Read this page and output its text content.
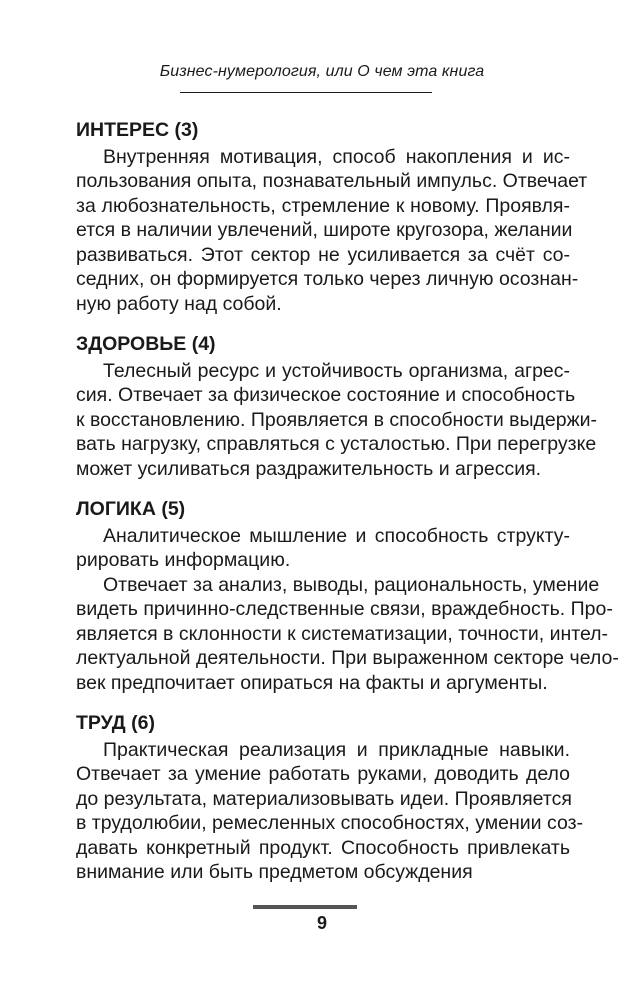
Бизнес-нумерология, или О чем эта книга
ИНТЕРЕС (3)
Внутренняя мотивация, способ накопления и ис-
пользования опыта, познавательный импульс. Отвечает
за любознательность, стремление к новому. Проявля-
ется в наличии увлечений, широте кругозора, желании
развиваться. Этот сектор не усиливается за счёт со-
седних, он формируется только через личную осознан-
ную работу над собой.
ЗДОРОВЬЕ (4)
Телесный ресурс и устойчивость организма, агрес-
сия. Отвечает за физическое состояние и способность
к восстановлению. Проявляется в способности выдержи-
вать нагрузку, справляться с усталостью. При перегрузке
может усиливаться раздражительность и агрессия.
ЛОГИКА (5)
Аналитическое мышление и способность структу-
рировать информацию.
Отвечает за анализ, выводы, рациональность, умение
видеть причинно-следственные связи, враждебность. Про-
является в склонности к систематизации, точности, интел-
лектуальной деятельности. При выраженном секторе чело-
век предпочитает опираться на факты и аргументы.
ТРУД (6)
Практическая реализация и прикладные навыки.
Отвечает за умение работать руками, доводить дело
до результата, материализовывать идеи. Проявляется
в трудолюбии, ремесленных способностях, умении соз-
давать конкретный продукт. Способность привлекать
внимание или быть предметом обсуждения
9
